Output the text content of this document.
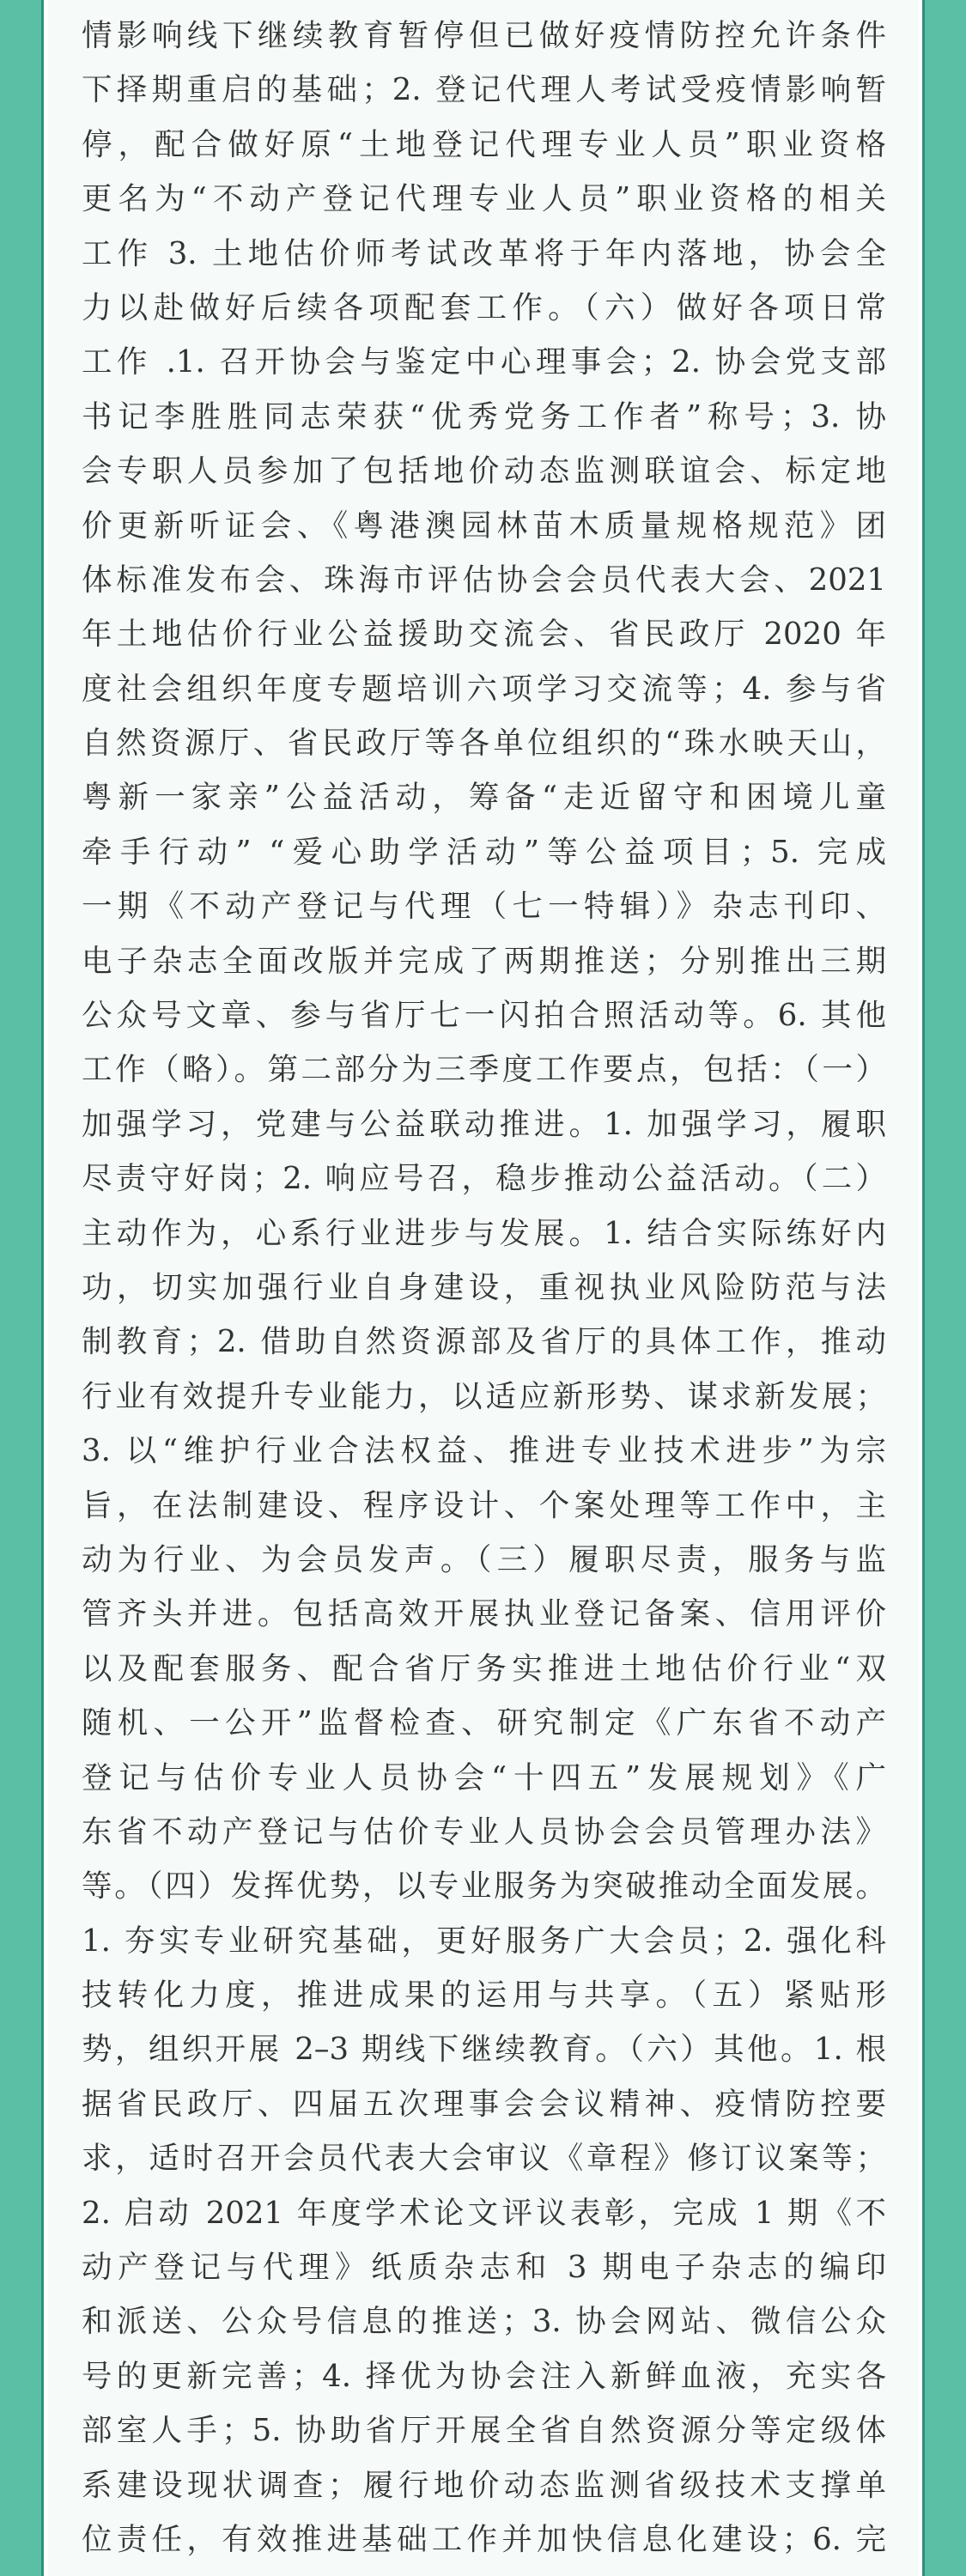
情影响线下继续教育暂停但已做好疫情防控允许条件
下择期重启的基础；2. 登记代理人考试受疫情影响暂
停，配合做好原“土地登记代理专业人员”职业资格
更名为“不动产登记代理专业人员”职业资格的相关
工作 3. 土地估价师考试改革将于年内落地，协会全
力以赴做好后续各项配套工作。（六）做好各项日常
工作 .1. 召开协会与鉴定中心理事会；2. 协会党支部
书记李胜胜同志荣获“优秀党务工作者”称号；3. 协
会专职人员参加了包括地价动态监测联谊会、标定地
价更新听证会、《粤港澳园林苗木质量规格规范》团
体标准发布会、珠海市评估协会会员代表大会、2021
年土地估价行业公益援助交流会、省民政厅 2020 年
度社会组织年度专题培训六项学习交流等；4. 参与省
自然资源厅、省民政厅等各单位组织的“珠水映天山，
粤新一家亲”公益活动，筹备“走近留守和困境儿童
牵手行动” “爱心助学活动”等公益项目；5. 完成
一期《不动产登记与代理（七一特辑）》杂志刊印、
电子杂志全面改版并完成了两期推送；分别推出三期
公众号文章、参与省厅七一闪拍合照活动等。6. 其他
工作（略）。第二部分为三季度工作要点，包括：（一）
加强学习，党建与公益联动推进。1. 加强学习，履职
尽责守好岗；2. 响应号召，稳步推动公益活动。（二）
主动作为，心系行业进步与发展。1. 结合实际练好内
功，切实加强行业自身建设，重视执业风险防范与法
制教育；2. 借助自然资源部及省厅的具体工作，推动
行业有效提升专业能力，以适应新形势、谋求新发展；
3. 以“维护行业合法权益、推进专业技术进步”为宗
旨，在法制建设、程序设计、个案处理等工作中，主
动为行业、为会员发声。（三）履职尽责，服务与监
管齐头并进。包括高效开展执业登记备案、信用评价
以及配套服务、配合省厅务实推进土地估价行业“双
随机、一公开”监督检查、研究制定《广东省不动产
登记与估价专业人员协会“十四五”发展规划》《广
东省不动产登记与估价专业人员协会会员管理办法》
等。（四）发挥优势，以专业服务为突破推动全面发展。
1. 夯实专业研究基础，更好服务广大会员；2. 强化科
技转化力度，推进成果的运用与共享。（五）紧贴形
势，组织开展 2–3 期线下继续教育。（六）其他。1. 根
据省民政厅、四届五次理事会会议精神、疫情防控要
求，适时召开会员代表大会审议《章程》修订议案等；
2. 启动 2021 年度学术论文评议表彰，完成 1 期《不
动产登记与代理》纸质杂志和 3 期电子杂志的编印
和派送、公众号信息的推送；3. 协会网站、微信公众
号的更新完善；4. 择优为协会注入新鲜血液，充实各
部室人手；5. 协助省厅开展全省自然资源分等定级体
系建设现状调查；履行地价动态监测省级技术支撑单
位责任，有效推进基础工作并加快信息化建设；6. 完
